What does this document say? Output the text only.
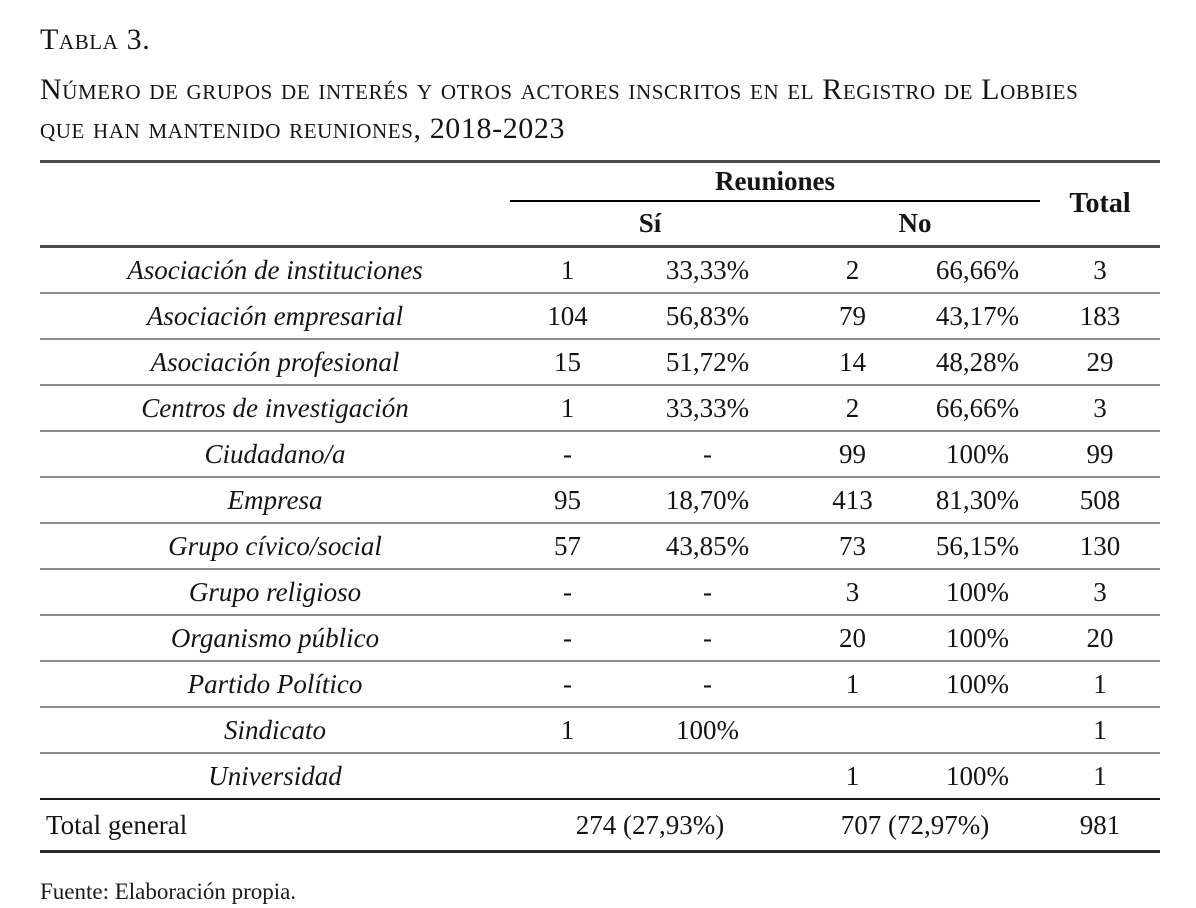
Tabla 3.
Número de grupos de interés y otros actores inscritos en el Registro de Lobbies
que han mantenido reuniones, 2018-2023
	Reuniones				Total
	Sí		No		
Asociación de instituciones	1	33,33%	2	66,66%	3
Asociación empresarial	104	56,83%	79	43,17%	183
Asociación profesional	15	51,72%	14	48,28%	29
Centros de investigación	1	33,33%	2	66,66%	3
Ciudadano/a	-	-	99	100%	99
Empresa	95	18,70%	413	81,30%	508
Grupo cívico/social	57	43,85%	73	56,15%	130
Grupo religioso	-	-	3	100%	3
Organismo público	-	-	20	100%	20
Partido Político	-	-	1	100%	1
Sindicato	1	100%			1
Universidad			1	100%	1
Total general	274 (27,93%)		707 (72,97%)		981
Fuente: Elaboración propia.
